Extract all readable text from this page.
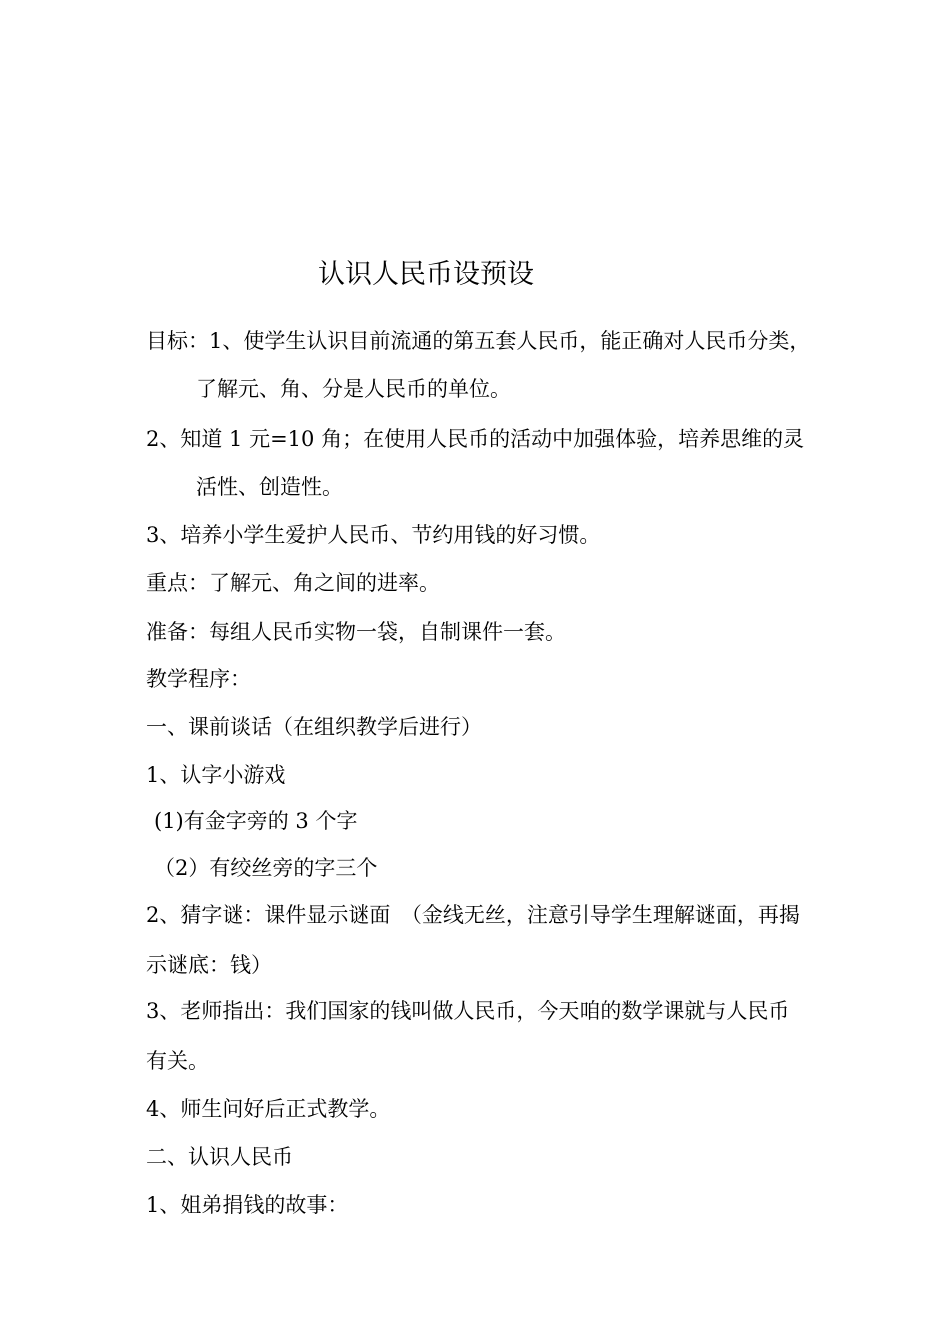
认识人民币设预设
目标：1、使学生认识目前流通的第五套人民币，能正确对人民币分类，
了解元、角、分是人民币的单位。
2、知道 1 元=10 角；在使用人民币的活动中加强体验，培养思维的灵
活性、创造性。
3、培养小学生爱护人民币、节约用钱的好习惯。
重点：了解元、角之间的进率。
准备：每组人民币实物一袋，自制课件一套。
教学程序：
一、课前谈话（在组织教学后进行）
1、认字小游戏
(1)有金字旁的 3 个字
（2）有绞丝旁的字三个
2、猜字谜：课件显示谜面　（金线无丝，注意引导学生理解谜面，再揭
示谜底：钱）
3、老师指出：我们国家的钱叫做人民币，今天咱的数学课就与人民币
有关。
4、师生问好后正式教学。
二、认识人民币
1、姐弟捐钱的故事：
